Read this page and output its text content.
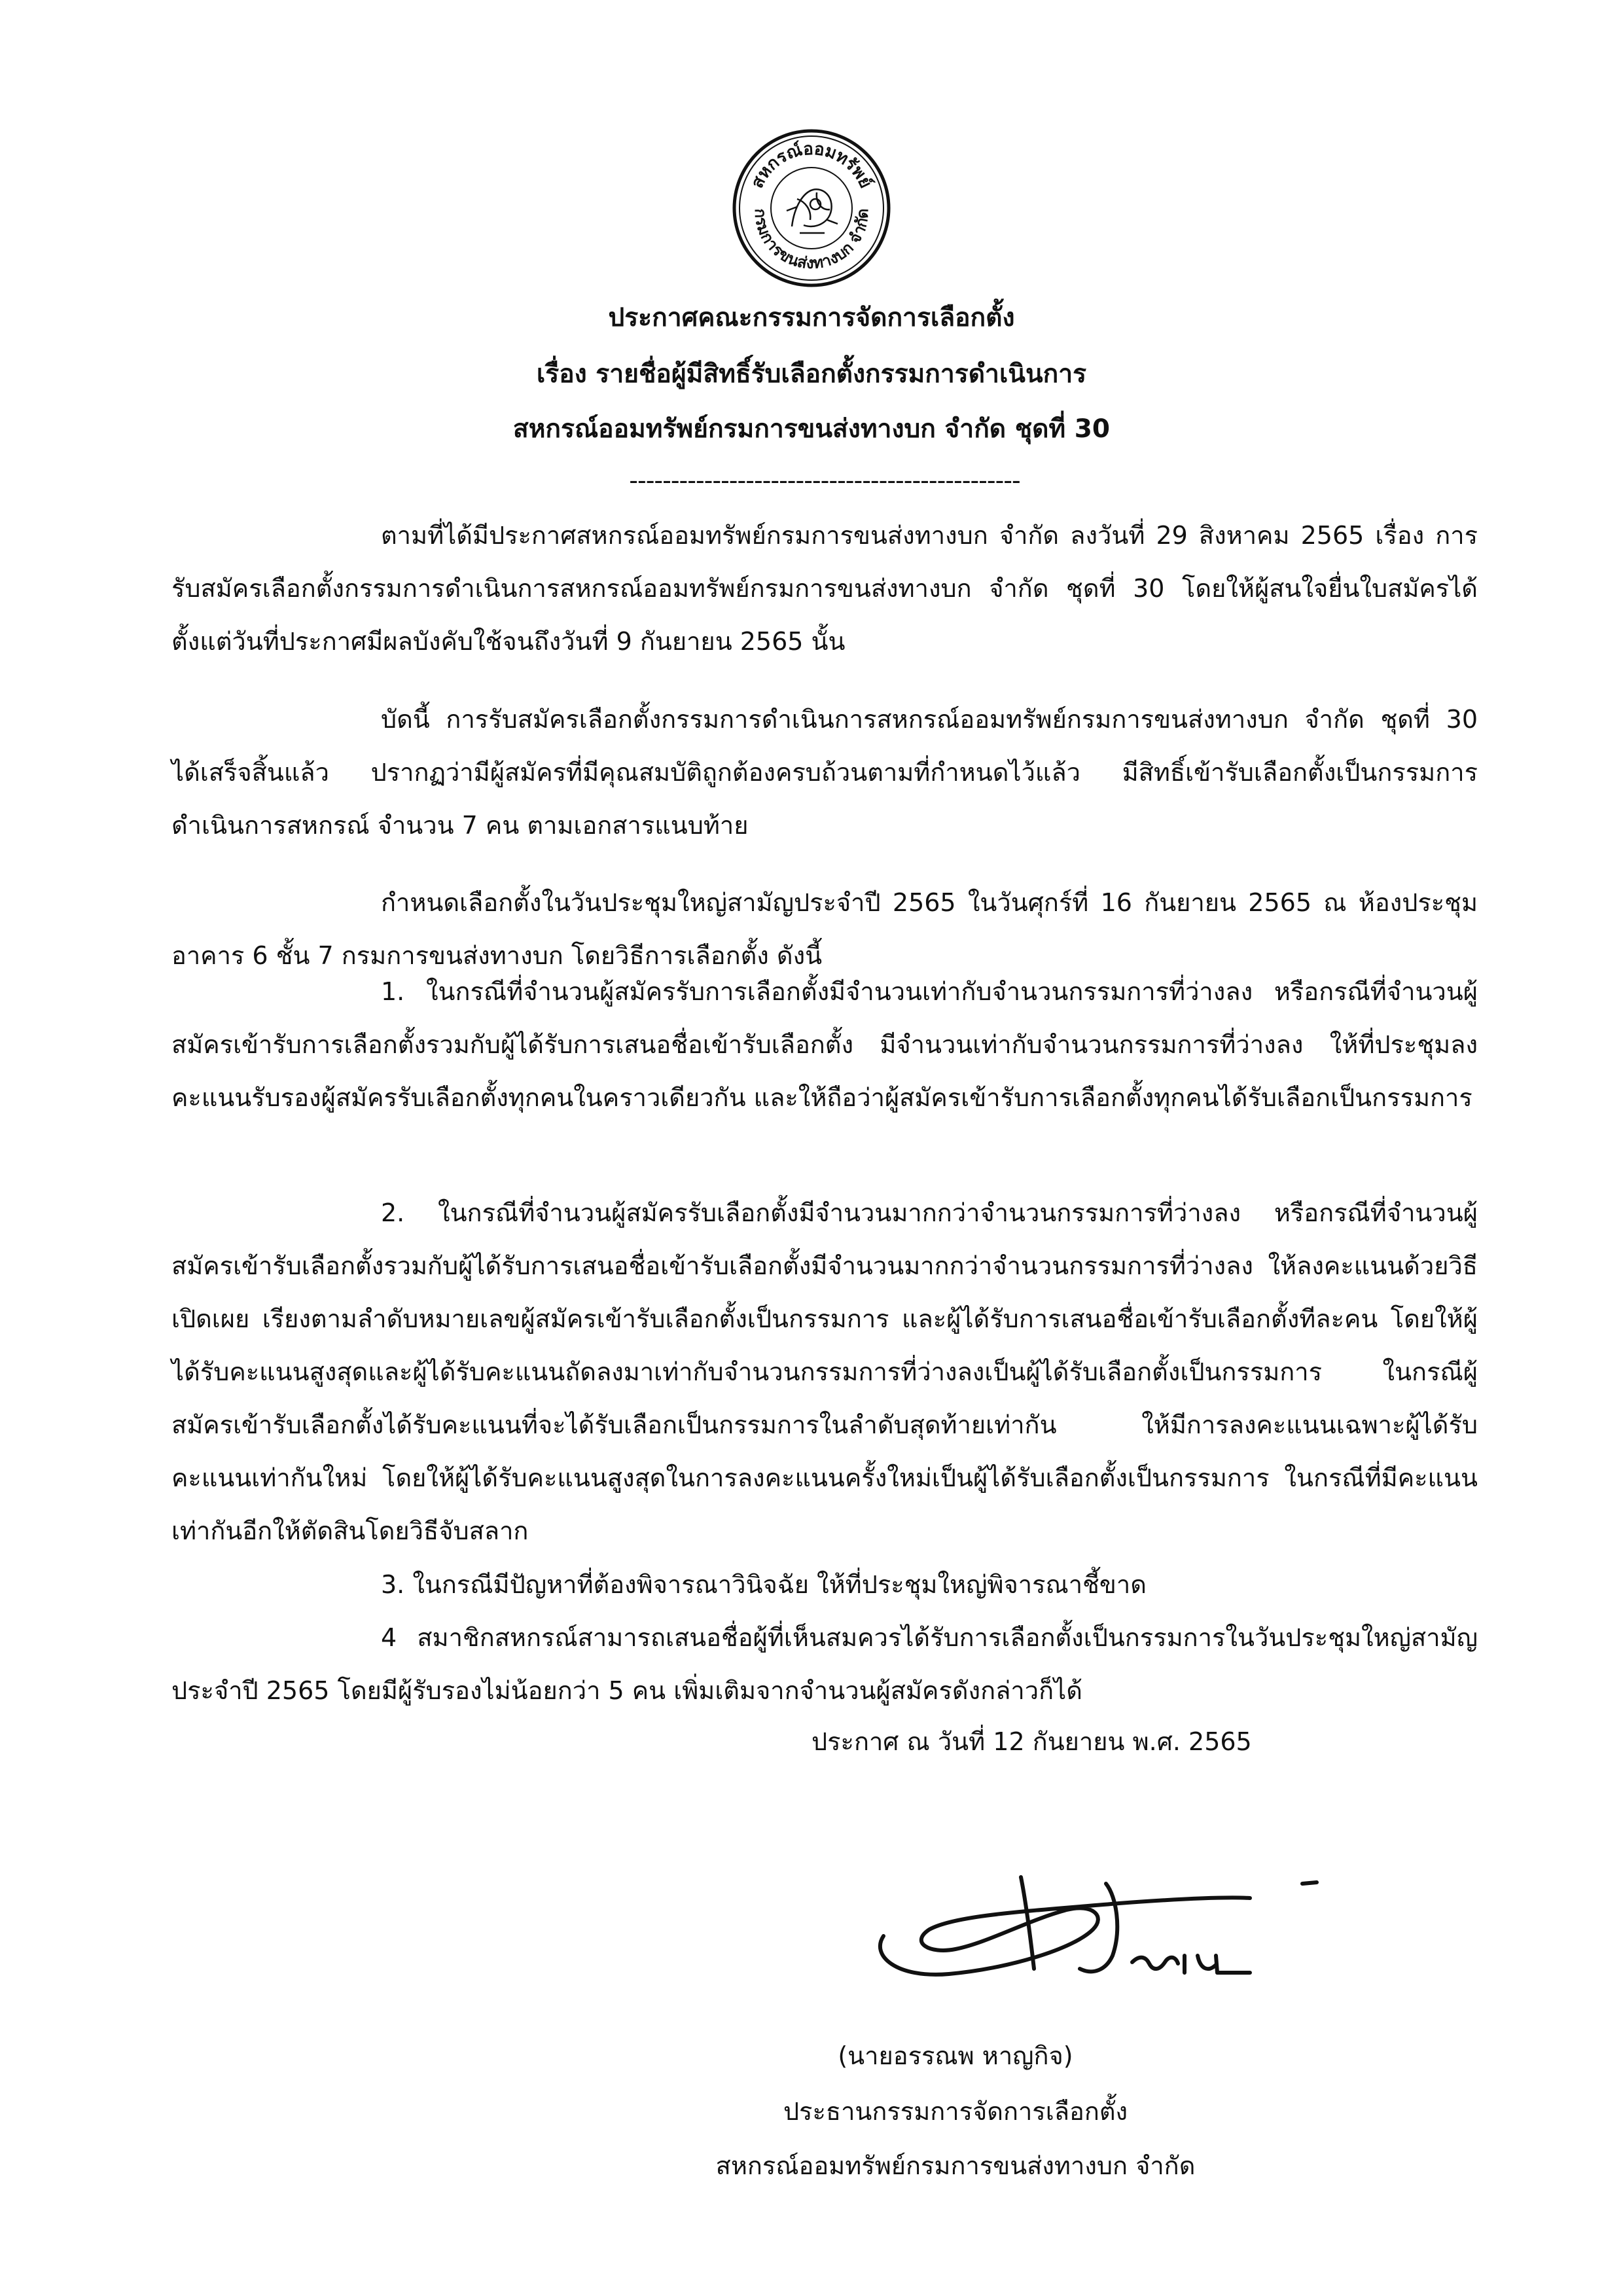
สหกรณ์ออมทรัพย์
กรมการขนส่งทางบก จำกัด
ประกาศคณะกรรมการจัดการเลือกตั้ง
เรื่อง รายชื่อผู้มีสิทธิ์รับเลือกตั้งกรรมการดำเนินการ
สหกรณ์ออมทรัพย์กรมการขนส่งทางบก จำกัด ชุดที่ 30
-----------------------------------------------
ตามที่ได้มีประกาศสหกรณ์ออมทรัพย์กรมการขนส่งทางบก จำกัด ลงวันที่ 29 สิงหาคม 2565 เรื่อง การรับสมัครเลือกตั้งกรรมการดำเนินการสหกรณ์ออมทรัพย์กรมการขนส่งทางบก จำกัด ชุดที่ 30 โดยให้ผู้สนใจยื่นใบสมัครได้ ตั้งแต่วันที่ประกาศมีผลบังคับใช้จนถึงวันที่ 9 กันยายน 2565 นั้น
บัดนี้ การรับสมัครเลือกตั้งกรรมการดำเนินการสหกรณ์ออมทรัพย์กรมการขนส่งทางบก จำกัด ชุดที่ 30 ได้เสร็จสิ้นแล้ว ปรากฏว่ามีผู้สมัครที่มีคุณสมบัติถูกต้องครบถ้วนตามที่กำหนดไว้แล้ว มีสิทธิ์เข้ารับเลือกตั้งเป็นกรรมการดำเนินการสหกรณ์ จำนวน 7 คน ตามเอกสารแนบท้าย
กำหนดเลือกตั้งในวันประชุมใหญ่สามัญประจำปี 2565 ในวันศุกร์ที่ 16 กันยายน 2565 ณ ห้องประชุมอาคาร 6 ชั้น 7 กรมการขนส่งทางบก โดยวิธีการเลือกตั้ง ดังนี้
1. ในกรณีที่จำนวนผู้สมัครรับการเลือกตั้งมีจำนวนเท่ากับจำนวนกรรมการที่ว่างลง หรือกรณีที่จำนวนผู้สมัครเข้ารับการเลือกตั้งรวมกับผู้ได้รับการเสนอชื่อเข้ารับเลือกตั้ง มีจำนวนเท่ากับจำนวนกรรมการที่ว่างลง ให้ที่ประชุมลงคะแนนรับรองผู้สมัครรับเลือกตั้งทุกคนในคราวเดียวกัน และให้ถือว่าผู้สมัครเข้ารับการเลือกตั้งทุกคนได้รับเลือกเป็นกรรมการ
2. ในกรณีที่จำนวนผู้สมัครรับเลือกตั้งมีจำนวนมากกว่าจำนวนกรรมการที่ว่างลง หรือกรณีที่จำนวนผู้สมัครเข้ารับเลือกตั้งรวมกับผู้ได้รับการเสนอชื่อเข้ารับเลือกตั้งมีจำนวนมากกว่าจำนวนกรรมการที่ว่างลง ให้ลงคะแนนด้วยวิธีเปิดเผย เรียงตามลำดับหมายเลขผู้สมัครเข้ารับเลือกตั้งเป็นกรรมการ และผู้ได้รับการเสนอชื่อเข้ารับเลือกตั้งทีละคน โดยให้ผู้ได้รับคะแนนสูงสุดและผู้ได้รับคะแนนถัดลงมาเท่ากับจำนวนกรรมการที่ว่างลงเป็นผู้ได้รับเลือกตั้งเป็นกรรมการ ในกรณีผู้สมัครเข้ารับเลือกตั้งได้รับคะแนนที่จะได้รับเลือกเป็นกรรมการในลำดับสุดท้ายเท่ากัน ให้มีการลงคะแนนเฉพาะผู้ได้รับคะแนนเท่ากันใหม่ โดยให้ผู้ได้รับคะแนนสูงสุดในการลงคะแนนครั้งใหม่เป็นผู้ได้รับเลือกตั้งเป็นกรรมการ ในกรณีที่มีคะแนนเท่ากันอีกให้ตัดสินโดยวิธีจับสลาก
3. ในกรณีมีปัญหาที่ต้องพิจารณาวินิจฉัย ให้ที่ประชุมใหญ่พิจารณาชี้ขาด
4 สมาชิกสหกรณ์สามารถเสนอชื่อผู้ที่เห็นสมควรได้รับการเลือกตั้งเป็นกรรมการในวันประชุมใหญ่สามัญประจำปี 2565 โดยมีผู้รับรองไม่น้อยกว่า 5 คน เพิ่มเติมจากจำนวนผู้สมัครดังกล่าวก็ได้
ประกาศ ณ วันที่ 12 กันยายน พ.ศ. 2565
(นายอรรณพ หาญกิจ)
ประธานกรรมการจัดการเลือกตั้ง
สหกรณ์ออมทรัพย์กรมการขนส่งทางบก จำกัด
